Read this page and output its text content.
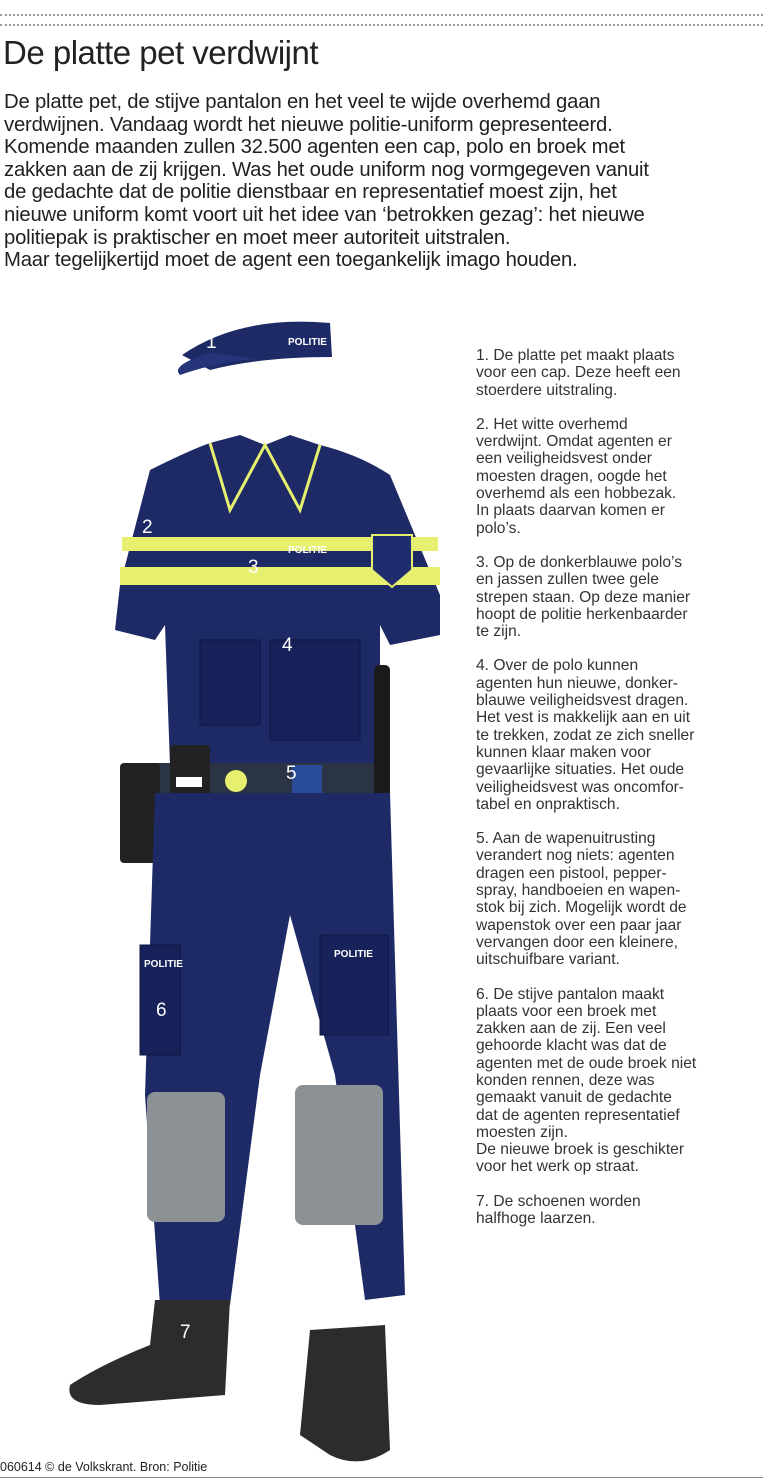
De platte pet verdwijnt

De platte pet, de stijve pantalon en het veel te wijde overhemd gaan
verdwijnen. Vandaag wordt het nieuwe politie-uniform gepresenteerd.
Komende maanden zullen 32.500 agenten een cap, polo en broek met
zakken aan de zij krijgen. Was het oude uniform nog vormgegeven vanuit
de gedachte dat de politie dienstbaar en representatief moest zijn, het
nieuwe uniform komt voort uit het idee van ‘betrokken gezag’: het nieuwe
politiepak is praktischer en moet meer autoriteit uitstralen.
Maar tegelijkertijd moet de agent een toegankelijk imago houden.

POLITIE
POLITIE
POLITIE
POLITIE
1
2
3
4
5
6
7

1. De platte pet maakt plaats
voor een cap. Deze heeft een
stoerdere uitstraling.

2. Het witte overhemd
verdwijnt. Omdat agenten er
een veiligheidsvest onder
moesten dragen, oogde het
overhemd als een hobbezak.
In plaats daarvan komen er
polo’s.

3. Op de donkerblauwe polo’s
en jassen zullen twee gele
strepen staan. Op deze manier
hoopt de politie herkenbaarder
te zijn.

4. Over de polo kunnen
agenten hun nieuwe, donker-
blauwe veiligheidsvest dragen.
Het vest is makkelijk aan en uit
te trekken, zodat ze zich sneller
kunnen klaar maken voor
gevaarlijke situaties. Het oude
veiligheidsvest was oncomfor-
tabel en onpraktisch.

5. Aan de wapenuitrusting
verandert nog niets: agenten
dragen een pistool, pepper-
spray, handboeien en wapen-
stok bij zich. Mogelijk wordt de
wapenstok over een paar jaar
vervangen door een kleinere,
uitschuifbare variant.

6. De stijve pantalon maakt
plaats voor een broek met
zakken aan de zij. Een veel
gehoorde klacht was dat de
agenten met de oude broek niet
konden rennen, deze was
gemaakt vanuit de gedachte
dat de agenten representatief
moesten zijn.
De nieuwe broek is geschikter
voor het werk op straat.

7. De schoenen worden
halfhoge laarzen.

060614 © de Volkskrant. Bron: Politie
